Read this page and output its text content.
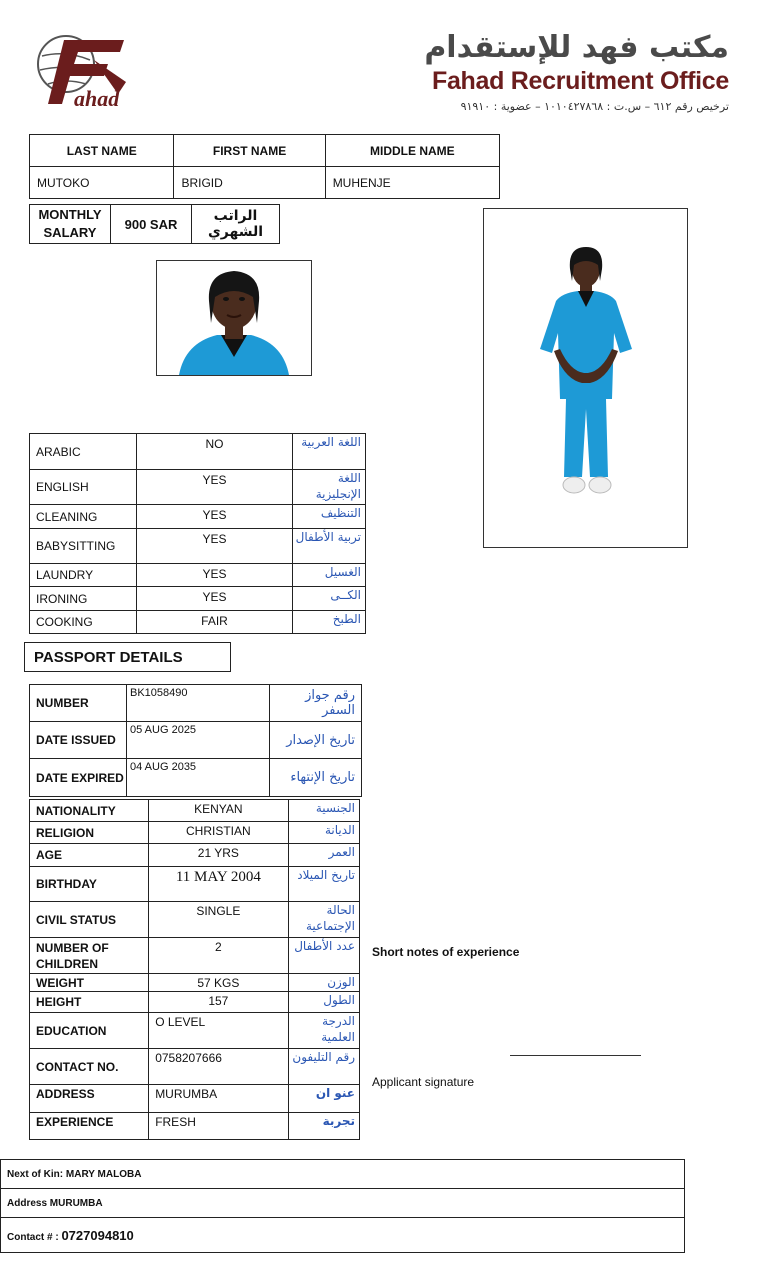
ahad
مكتب فهد للإستقدام
Fahad Recruitment Office
ترخيص رقم ٦١٢ – س.ت : ١٠١٠٤٢٧٨٦٨ – عضوية : ٩١٩١٠
LAST NAME	FIRST NAME	MIDDLE NAME
MUTOKO	BRIGID	MUHENJE
MONTHLY SALARY	900 SAR	الراتب الشهري
ARABIC	NO	اللغة العربية
ENGLISH	YES	اللغة الإنجليزية
CLEANING	YES	التنظيف
BABYSITTING	YES	تربية الأطفال
LAUNDRY	YES	الغسيل
IRONING	YES	الكــى
COOKING	FAIR	الطبخ
PASSPORT DETAILS
NUMBER	BK1058490	رقم جواز السفر
DATE ISSUED	05 AUG 2025	تاريخ الإصدار
DATE EXPIRED	04 AUG 2035	تاريخ الإنتهاء
NATIONALITY	KENYAN	الجنسية
RELIGION	CHRISTIAN	الديانة
AGE	21 YRS	العمر
BIRTHDAY	11 MAY 2004	تاريخ الميلاد
CIVIL STATUS	SINGLE	الحالة الإجتماعية
NUMBER OF CHILDREN	2	عدد الأطفال
WEIGHT	57 KGS	الوزن
HEIGHT	157	الطول
EDUCATION	O LEVEL	الدرجة العلمية
CONTACT NO.	0758207666	رقم التليفون
ADDRESS	MURUMBA	عنو ان
EXPERIENCE	FRESH	تجربة
Short notes of experience
Applicant signature
Next of Kin: MARY MALOBA
Address MURUMBA
Contact # : 0727094810
